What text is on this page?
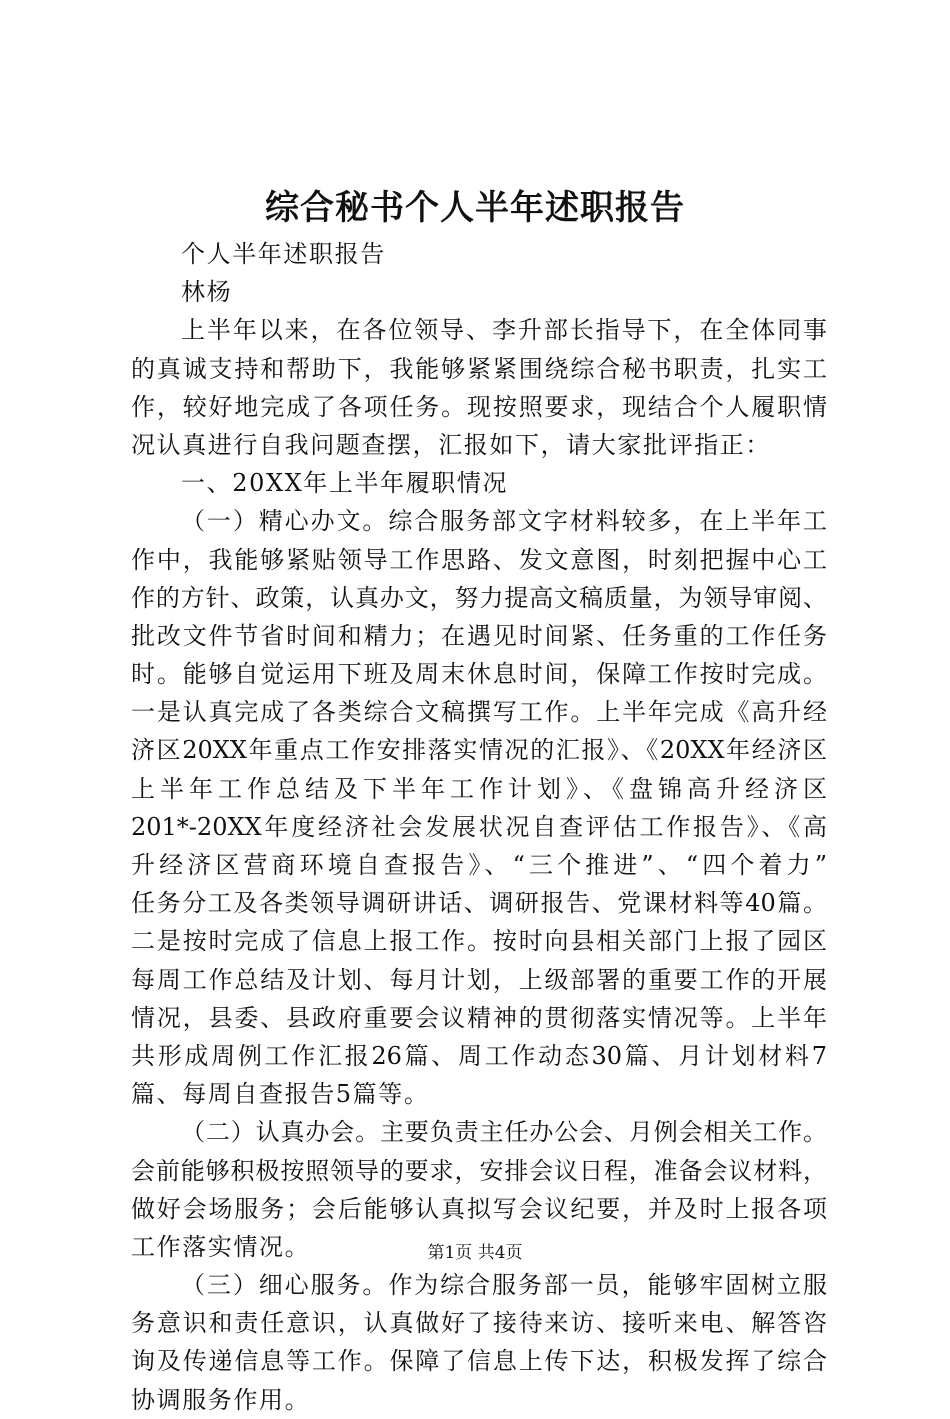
综合秘书个人半年述职报告
个人半年述职报告
林杨
上半年以来，在各位领导、李升部长指导下，在全体同事
的真诚支持和帮助下，我能够紧紧围绕综合秘书职责，扎实工
作，较好地完成了各项任务。现按照要求，现结合个人履职情
况认真进行自我问题查摆，汇报如下，请大家批评指正：
一、20XX年上半年履职情况
（一）精心办文。综合服务部文字材料较多，在上半年工
作中，我能够紧贴领导工作思路、发文意图，时刻把握中心工
作的方针、政策，认真办文，努力提高文稿质量，为领导审阅、
批改文件节省时间和精力；在遇见时间紧、任务重的工作任务
时。能够自觉运用下班及周末休息时间，保障工作按时完成。
一是认真完成了各类综合文稿撰写工作。上半年完成《高升经
济区20XX年重点工作安排落实情况的汇报》、《20XX年经济区
上半年工作总结及下半年工作计划》、《盘锦高升经济区
201*-20XX年度经济社会发展状况自查评估工作报告》、《高
升经济区营商环境自查报告》、“三个推进”、“四个着力”
任务分工及各类领导调研讲话、调研报告、党课材料等40篇。
二是按时完成了信息上报工作。按时向县相关部门上报了园区
每周工作总结及计划、每月计划，上级部署的重要工作的开展
情况，县委、县政府重要会议精神的贯彻落实情况等。上半年
共形成周例工作汇报26篇、周工作动态30篇、月计划材料7
篇、每周自查报告5篇等。
（二）认真办会。主要负责主任办公会、月例会相关工作。
会前能够积极按照领导的要求，安排会议日程，准备会议材料，
做好会场服务；会后能够认真拟写会议纪要，并及时上报各项
工作落实情况。
（三）细心服务。作为综合服务部一员，能够牢固树立服
务意识和责任意识，认真做好了接待来访、接听来电、解答咨
询及传递信息等工作。保障了信息上传下达，积极发挥了综合
协调服务作用。
第1页 共4页
